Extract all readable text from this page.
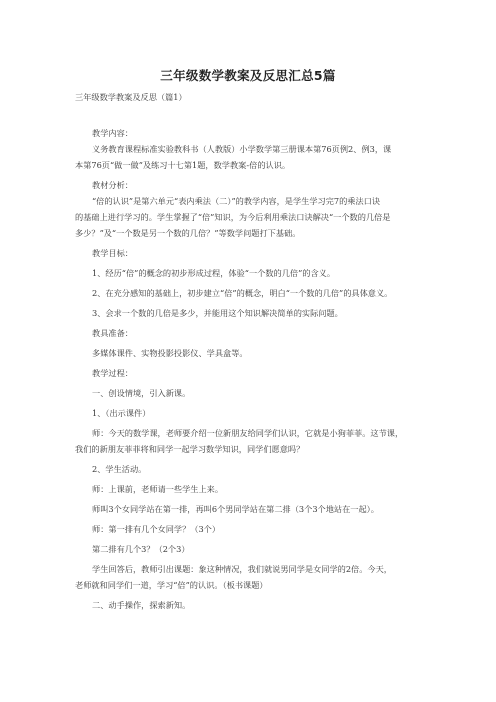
三年级数学教案及反思汇总5篇
三年级数学教案及反思（篇1）
教学内容：
义务教育课程标准实验教科书（人教版）小学数学第三册课本第76页例2、例3，课
本第76页“做一做”及练习十七第1题，数学教案-倍的认识。
教材分析：
“倍的认识”是第六单元“表内乘法（二）”的教学内容，是学生学习完7的乘法口诀
的基础上进行学习的。学生掌握了“倍”知识，为今后利用乘法口诀解决“一个数的几倍是
多少？”及“一个数是另一个数的几倍？”等数学问题打下基础。
教学目标：
1、经历“倍”的概念的初步形成过程，体验“一个数的几倍”的含义。
2、在充分感知的基础上，初步建立“倍”的概念，明白“一个数的几倍”的具体意义。
3、会求一个数的几倍是多少，并能用这个知识解决简单的实际问题。
教具准备：
多媒体课件、实物投影投影仪、学具盒等。
教学过程：
一、创设情境，引入新课。
1、（出示课件）
师：今天的数学课，老师要介绍一位新朋友给同学们认识，它就是小狗菲菲。这节课，
我们的新朋友菲菲将和同学一起学习数学知识，同学们愿意吗？
2、学生活动。
师：上课前，老师请一些学生上来。
师叫3个女同学站在第一排，再叫6个男同学站在第二排（3个3个地站在一起）。
师：第一排有几个女同学？（3个）
第二排有几个3？（2个3）
学生回答后，教师引出课题：象这种情况，我们就说男同学是女同学的2倍。今天，
老师就和同学们一道，学习“倍”的认识。（板书课题）
二、动手操作，探索新知。
